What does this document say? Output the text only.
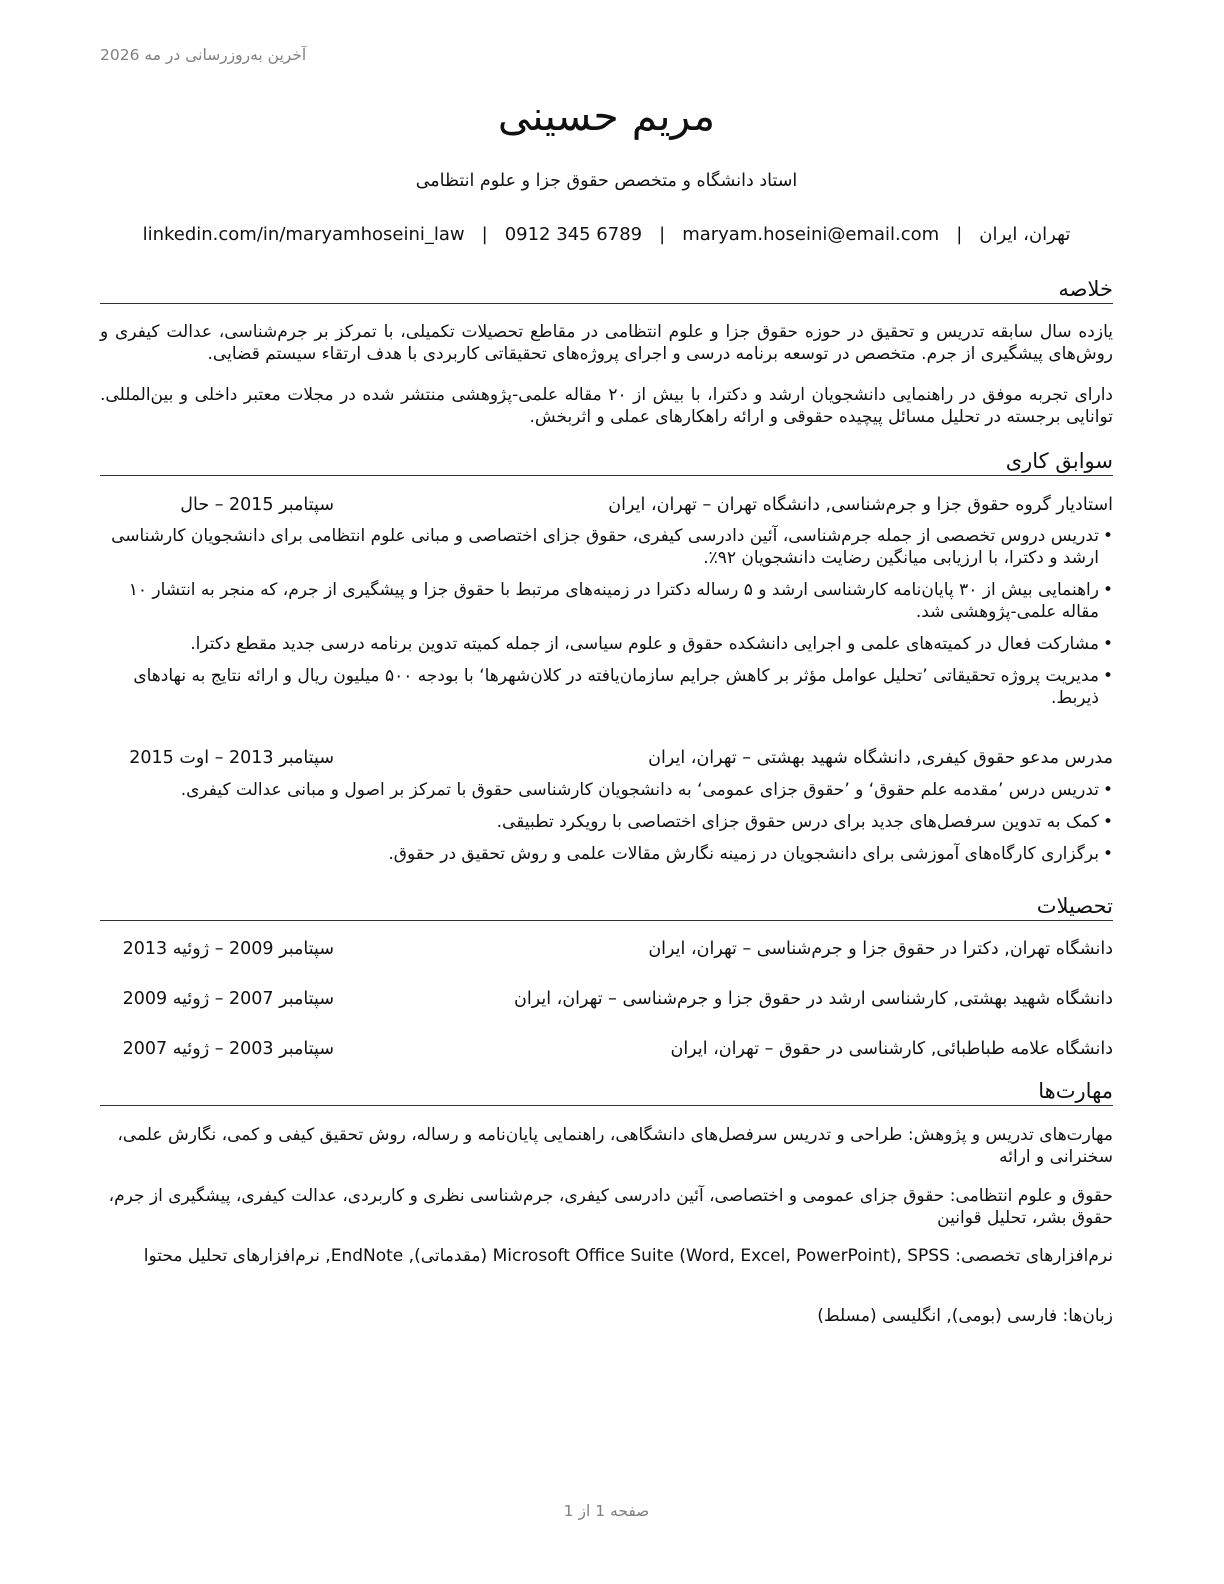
آخرین به‌روزرسانی در مه 2026
مریم حسینی
استاد دانشگاه و متخصص حقوق جزا و علوم انتظامی
تهران، ایران|maryam.hoseini@email.com|0912 345 6789|linkedin.com/in/maryamhoseini_law
خلاصه
یازده سال سابقه تدریس و تحقیق در حوزه حقوق جزا و علوم انتظامی در مقاطع تحصیلات تکمیلی، با تمرکز بر جرم‌شناسی، عدالت کیفری و روش‌های پیشگیری از جرم. متخصص در توسعه برنامه درسی و اجرای پروژه‌های تحقیقاتی کاربردی با هدف ارتقاء سیستم قضایی.
دارای تجربه موفق در راهنمایی دانشجویان ارشد و دکترا، با بیش از ۲۰ مقاله علمی-پژوهشی منتشر شده در مجلات معتبر داخلی و بین‌المللی. توانایی برجسته در تحلیل مسائل پیچیده حقوقی و ارائه راهکارهای عملی و اثربخش.
سوابق کاری
استادیار گروه حقوق جزا و جرم‌شناسی, دانشگاه تهران – تهران، ایران
سپتامبر 2015 – حال
• تدریس دروس تخصصی از جمله جرم‌شناسی، آئین دادرسی کیفری، حقوق جزای اختصاصی و مبانی علوم انتظامی برای دانشجویان کارشناسی ارشد و دکترا، با ارزیابی میانگین رضایت دانشجویان ۹۲٪.
• راهنمایی بیش از ۳۰ پایان‌نامه کارشناسی ارشد و ۵ رساله دکترا در زمینه‌های مرتبط با حقوق جزا و پیشگیری از جرم، که منجر به انتشار ۱۰ مقاله علمی-پژوهشی شد.
• مشارکت فعال در کمیته‌های علمی و اجرایی دانشکده حقوق و علوم سیاسی، از جمله کمیته تدوین برنامه درسی جدید مقطع دکترا.
• مدیریت پروژه تحقیقاتی ’تحلیل عوامل مؤثر بر کاهش جرایم سازمان‌یافته در کلان‌شهرها‘ با بودجه ۵۰۰ میلیون ریال و ارائه نتایج به نهادهای ذیربط.
مدرس مدعو حقوق کیفری, دانشگاه شهید بهشتی – تهران، ایران
سپتامبر 2013 – اوت 2015
• تدریس درس ’مقدمه علم حقوق‘ و ’حقوق جزای عمومی‘ به دانشجویان کارشناسی حقوق با تمرکز بر اصول و مبانی عدالت کیفری.
• کمک به تدوین سرفصل‌های جدید برای درس حقوق جزای اختصاصی با رویکرد تطبیقی.
• برگزاری کارگاه‌های آموزشی برای دانشجویان در زمینه نگارش مقالات علمی و روش تحقیق در حقوق.
تحصیلات
دانشگاه تهران, دکترا در حقوق جزا و جرم‌شناسی – تهران، ایران
سپتامبر 2009 – ژوئیه 2013
دانشگاه شهید بهشتی, کارشناسی ارشد در حقوق جزا و جرم‌شناسی – تهران، ایران
سپتامبر 2007 – ژوئیه 2009
دانشگاه علامه طباطبائی, کارشناسی در حقوق – تهران، ایران
سپتامبر 2003 – ژوئیه 2007
مهارت‌ها
مهارت‌های تدریس و پژوهش: طراحی و تدریس سرفصل‌های دانشگاهی، راهنمایی پایان‌نامه و رساله، روش تحقیق کیفی و کمی، نگارش علمی، سخنرانی و ارائه
حقوق و علوم انتظامی: حقوق جزای عمومی و اختصاصی، آئین دادرسی کیفری، جرم‌شناسی نظری و کاربردی، عدالت کیفری، پیشگیری از جرم، حقوق بشر، تحلیل قوانین
نرم‌افزارهای تخصصی: Microsoft Office Suite (Word, Excel, PowerPoint), SPSS (مقدماتی), EndNote, نرم‌افزارهای تحلیل محتوا
زبان‌ها: فارسی (بومی), انگلیسی (مسلط)
صفحه 1 از 1
